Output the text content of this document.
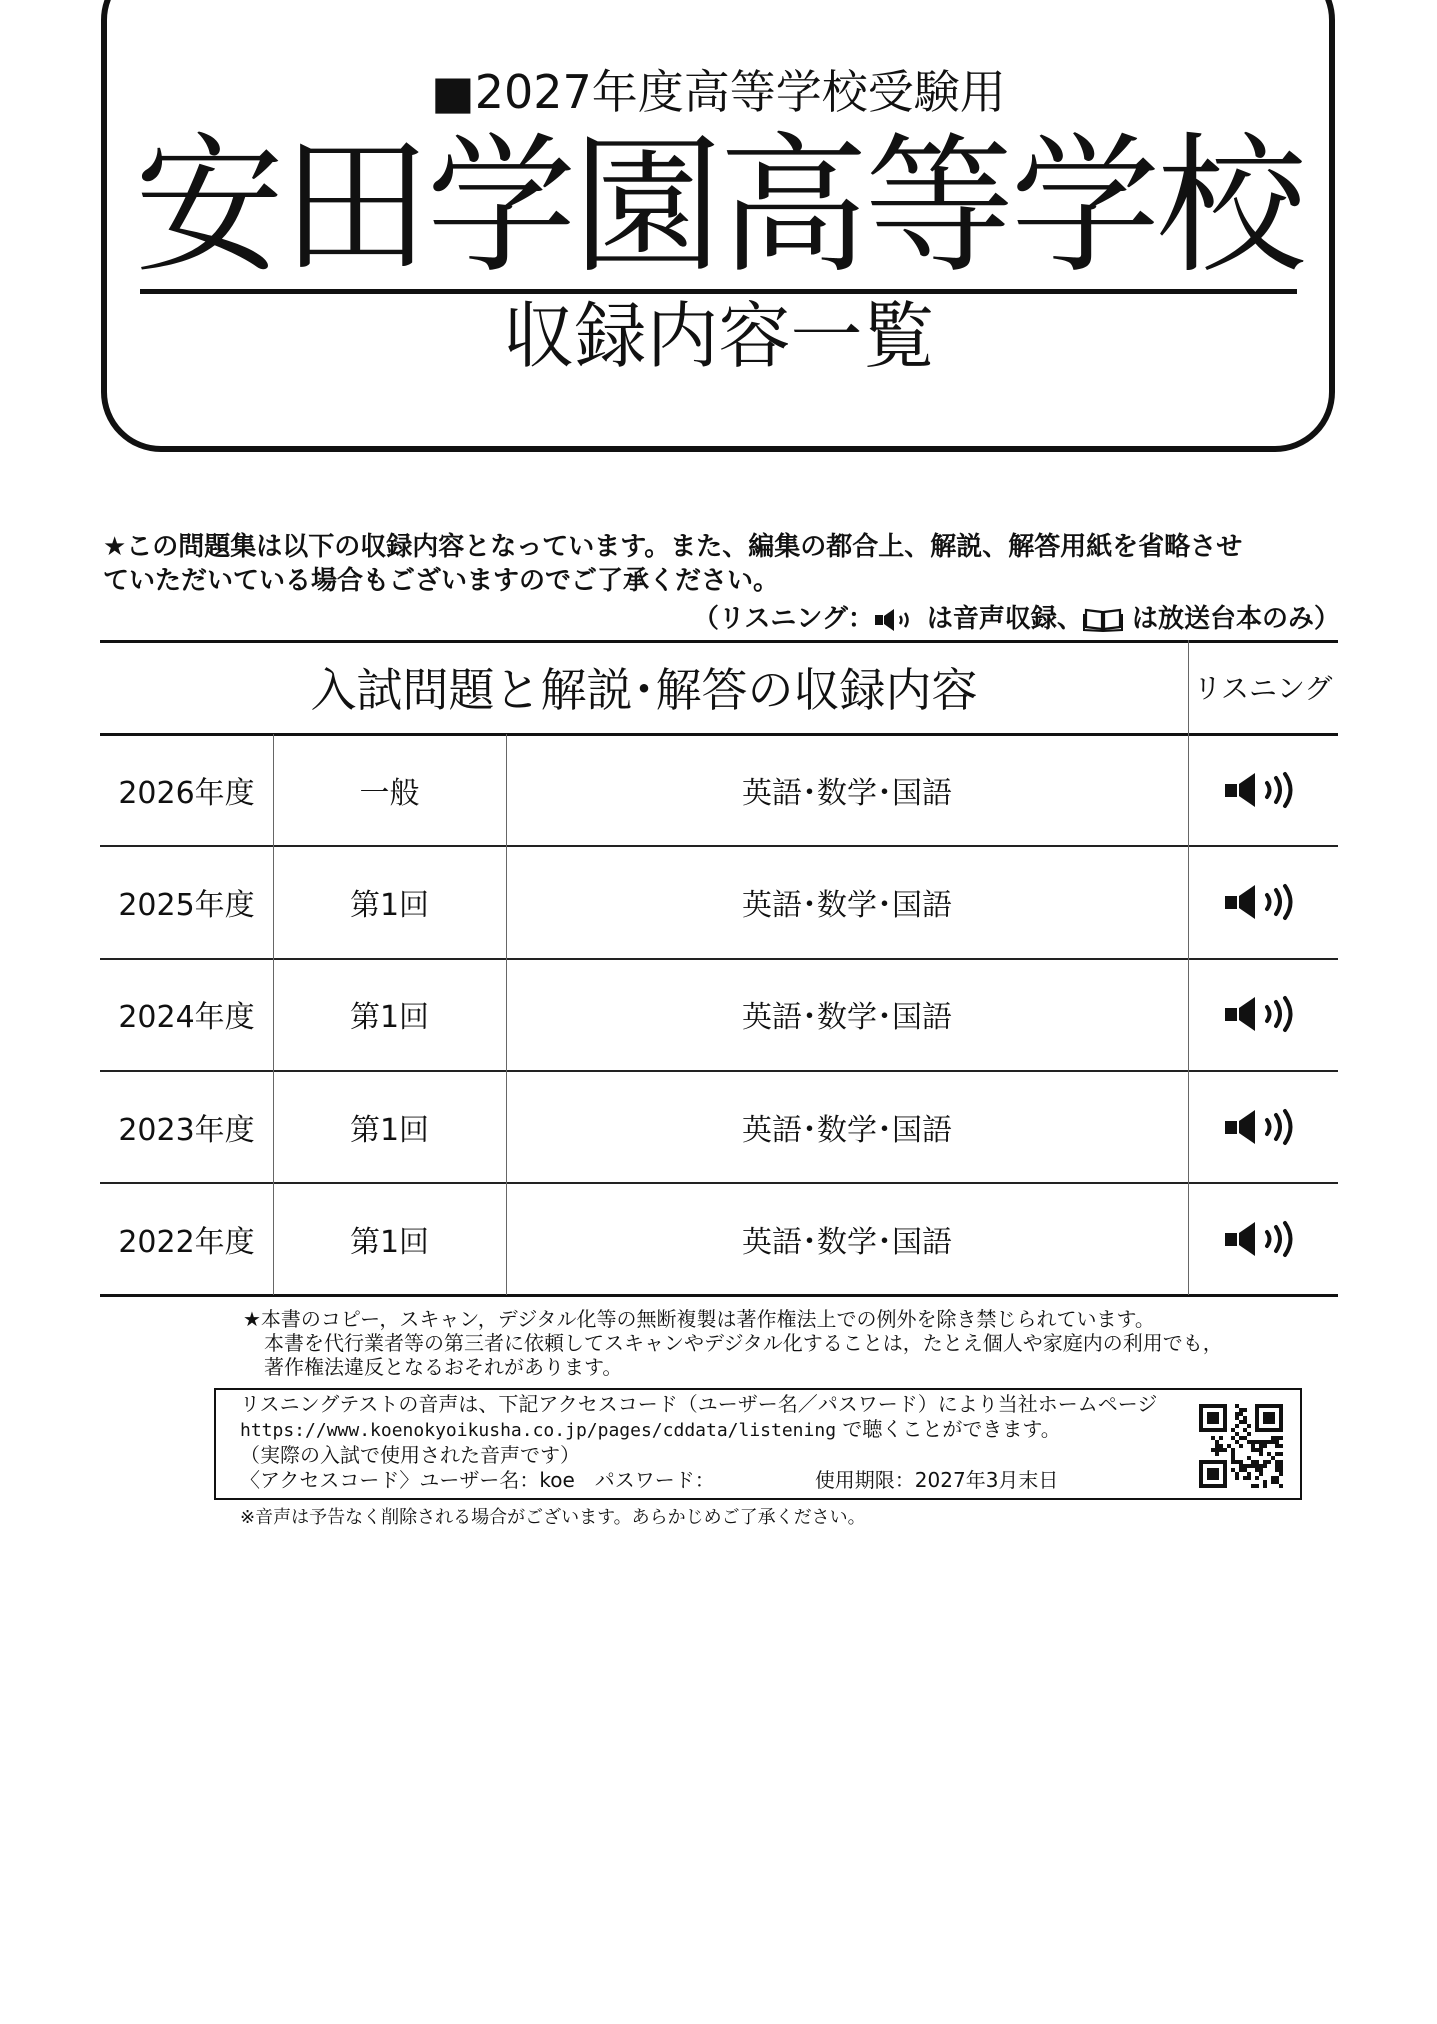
■2027年度高等学校受験用
安田学園高等学校
収録内容一覧
★この問題集は以下の収録内容となっています。また、編集の都合上、解説、解答用紙を省略させ
ていただいている場合もございますのでご了承ください。
（リスニング： は音声収録、 は放送台本のみ）
入試問題と解説･解答の収録内容	リスニング
2026年度	一般	英語･数学･国語
2025年度	第1回	英語･数学･国語
2024年度	第1回	英語･数学･国語
2023年度	第1回	英語･数学･国語
2022年度	第1回	英語･数学･国語
★本書のコピー，スキャン，デジタル化等の無断複製は著作権法上での例外を除き禁じられています。
本書を代行業者等の第三者に依頼してスキャンやデジタル化することは，たとえ個人や家庭内の利用でも，
著作権法違反となるおそれがあります。
リスニングテストの音声は、下記アクセスコード（ユーザー名／パスワード）により当社ホームページ
https://www.koenokyoikusha.co.jp/pages/cddata/listening で聴くことができます。
（実際の入試で使用された音声です）
〈アクセスコード〉ユーザー名：koe　パスワード：	使用期限：2027年3月末日
※音声は予告なく削除される場合がございます。あらかじめご了承ください。
